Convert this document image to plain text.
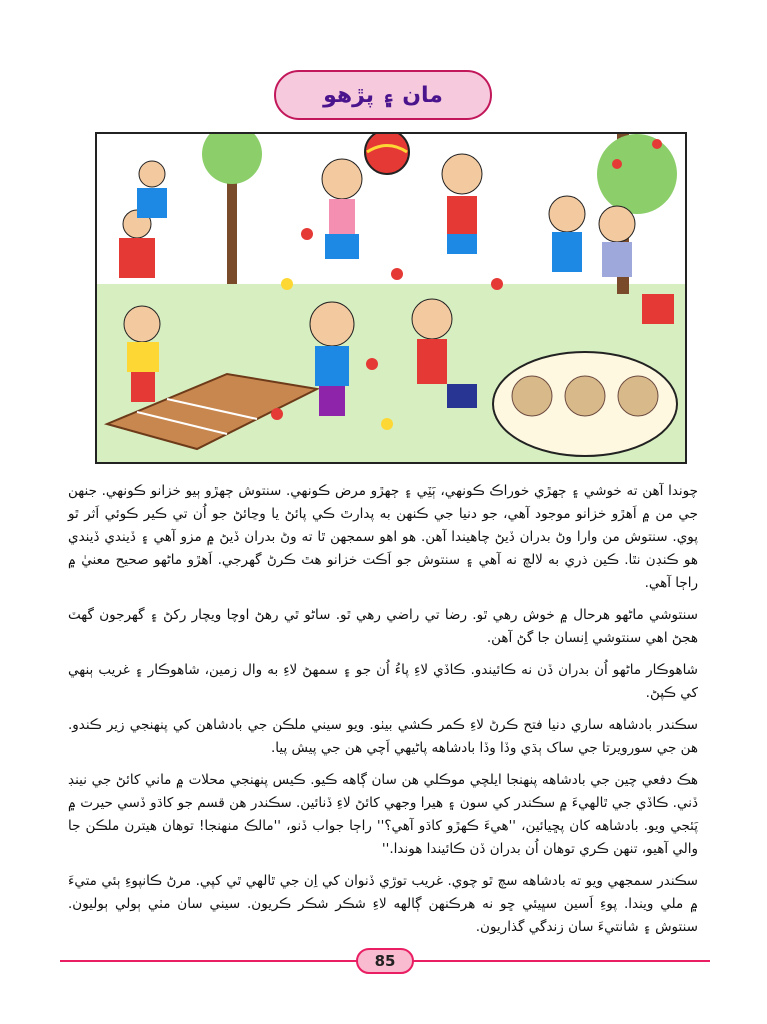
مان ۽ پڙهو

چوندا آهن ته خوشي ۽ ڄهڙي خوراڪ ڪونهي، ٻَٽِي ۽ ڄهڙو مرض ڪونهي. سنتوش ڄهڙو ٻيو خزانو ڪونهي. جنهن جي من ۾ اَهڙو خزانو موجود آهي، جو دنيا جي ڪنهن به پدارٿ ڪي پائڻ يا وڃائڻ جو اُن تي ڪير ڪوئي اَثر ٿو پوي. سنتوش من وارا وڻ بدران ڏيڻ چاهيندا آهن. هو اهو سمجهن ٿا ته وڻ بدران ڏيڻ ۾ مزو آهي ۽ ڏيندي ڏيندي هو ڪنڊن نٿا. ڪين ذري به لالچ نه آهي ۽ سنتوش جو اَڪت خزانو هٿ ڪرڻ گهرجي. اَهڙو ماڻهو صحيح معنيٰ ۾ راڄا آهي.

سنتوشي ماڻهو هرحال ۾ خوش رهي ٿو. رضا تي راضي رهي ٿو. ساڻو ٿي رهڻ اوچا ويچار رکڻ ۽ گهرجون گهٽ هجڻ اهي سنتوشي اِنسان جا گڻ آهن.

شاهوڪار ماڻهو اُن بدران ڏن نه ڪائيندو. ڪاڏي لاءِ پاءُ اُن جو ۽ سمهڻ لاءِ به وال زمين، شاهوڪار ۽ غريب ٻنهي کي ڪپڻ.

سڪندر بادشاهه ساري دنيا فتح ڪرڻ لاءِ ڪمر ڪشي بيٺو. ويو سيني ملڪن جي بادشاهن کي پنهنجي زير ڪندو. هن جي سورويرتا جي ساک ٻڌي وڏا وڏا بادشاهه پاڻيهي اَچي هن جي پيش پيا.

هڪ دفعي چين جي بادشاهه پنهنجا ايلچي موڪلي هن سان ڳاهه ڪيو. ڪيس پنهنجي محلات ۾ ماني کائڻ جي نينڊ ڏني. ڪاڏي جي ٿالهيءَ ۾ سڪندر کي سون ۽ هيرا وجهي کائڻ لاءِ ڏنائين. سڪندر هن قسم جو کاڌو ڏسي حيرت ۾ پَئجي ويو. بادشاهه کان پڇيائين، ''هيءَ ڪهڙو کاڌو آهي؟'' راڄا جواب ڏنو، ''مالڪ منهنجا! توهان هيترن ملڪن جا والي آهيو، تنهن ڪري توهان اُن بدران ڏن ڪائيندا هوندا.''

سڪندر سمجهي ويو ته بادشاهه سچ ٿو چوي. غريب توڙي ڏنوان کي اِن جي ٿالهي ٿي کپي. مرڻ ڪانپوءِ ٻئي متيءَ ۾ ملي ويندا. پوءِ اَسين سڀيئي ڇو نه هرڪنهن ڳالهه لاءِ شڪر شڪر ڪريون. سيني سان مٺي ٻولي ٻوليون. سنتوش ۽ شانتيءَ سان زندگي گذاريون.

85
